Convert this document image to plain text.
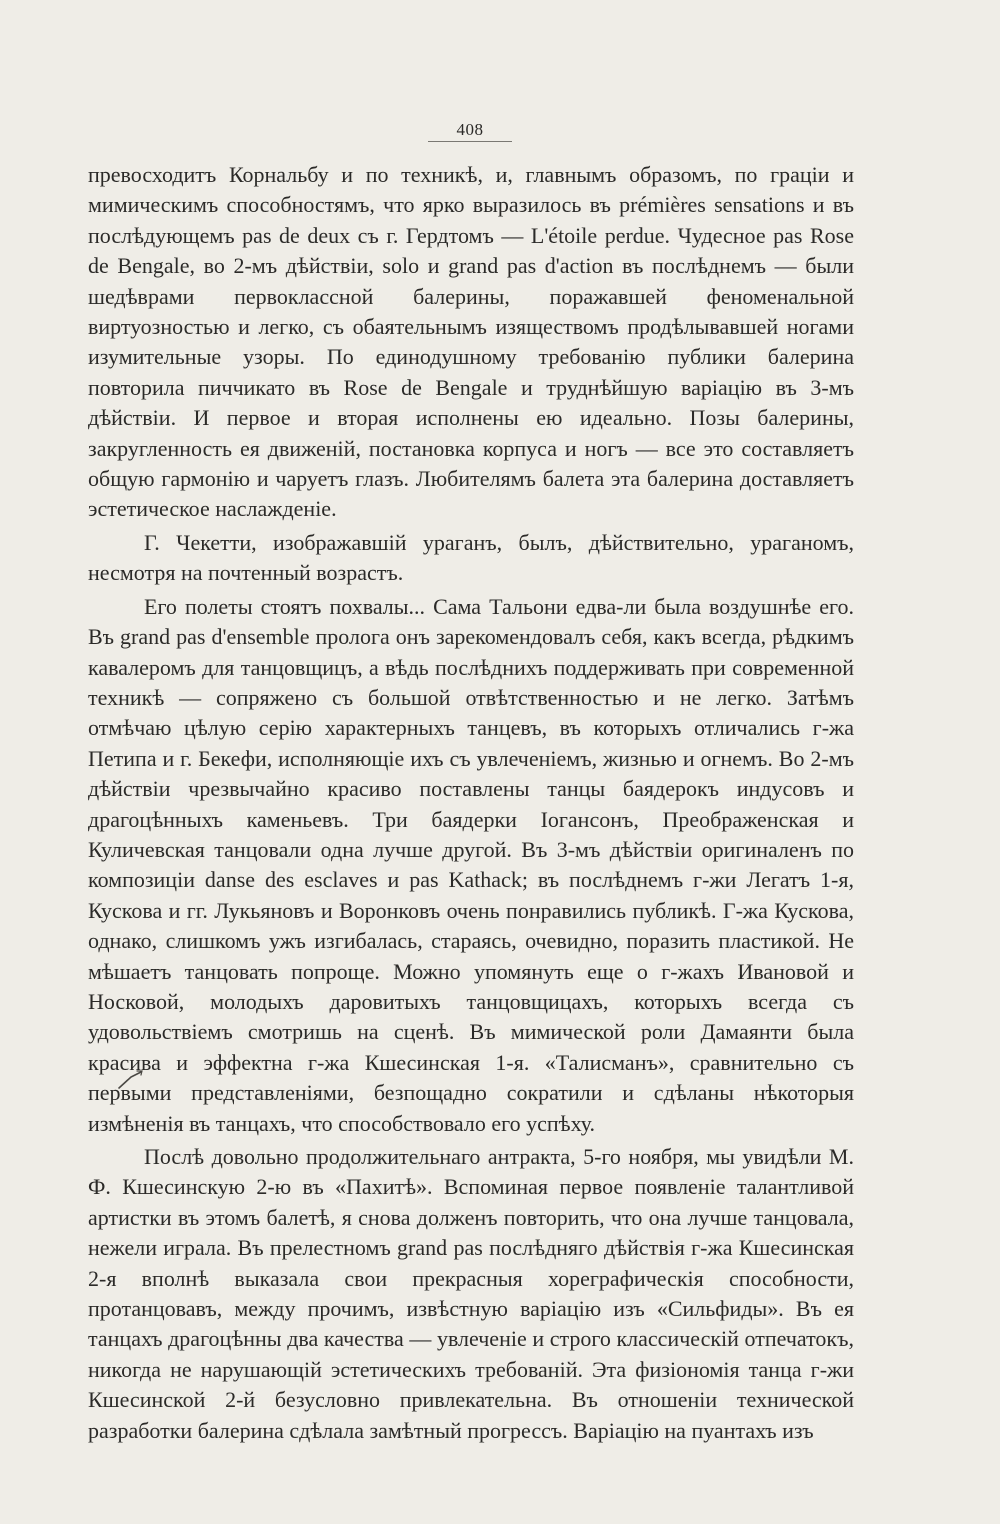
408

превосходитъ Корнальбу и по техникѣ, и, главнымъ образомъ, по граціи и мимическимъ способностямъ, что ярко выразилось въ prémières sensations и въ послѣдующемъ pas de deux съ г. Гердтомъ — L'étoile perdue. Чудесное pas Rose de Bengale, во 2-мъ дѣйствіи, solo и grand pas d'action въ послѣднемъ — были шедѣврами первоклассной балерины, поражавшей феноменальной виртуозностью и легко, съ обаятельнымъ изяществомъ продѣлывавшей ногами изумительные узоры. По единодушному требованію публики балерина повторила пиччикато въ Rose de Bengale и труднѣйшую варіацію въ 3-мъ дѣйствіи. И первое и вторая исполнены ею идеально. Позы балерины, закругленность ея движеній, постановка корпуса и ногъ — все это составляетъ общую гармонію и чаруетъ глазъ. Любителямъ балета эта балерина доставляетъ эстетическое наслажденіе.

Г. Чекетти, изображавшій ураганъ, былъ, дѣйствительно, ураганомъ, несмотря на почтенный возрастъ.

Его полеты стоятъ похвалы... Сама Тальони едва-ли была воздушнѣе его. Въ grand pas d'ensemble пролога онъ зарекомендовалъ себя, какъ всегда, рѣдкимъ кавалеромъ для танцовщицъ, а вѣдь послѣднихъ поддерживать при современной техникѣ — сопряжено съ большой отвѣтственностью и не легко. Затѣмъ отмѣчаю цѣлую серію характерныхъ танцевъ, въ которыхъ отличались г-жа Петипа и г. Бекефи, исполняющіе ихъ съ увлеченіемъ, жизнью и огнемъ. Во 2-мъ дѣйствіи чрезвычайно красиво поставлены танцы баядерокъ индусовъ и драгоцѣнныхъ каменьевъ. Три баядерки Іогансонъ, Преображенская и Куличевская танцовали одна лучше другой. Въ 3-мъ дѣйствіи оригиналенъ по композиціи danse des esclaves и pas Kathack; въ послѣднемъ г-жи Легатъ 1-я, Кускова и гг. Лукьяновъ и Воронковъ очень понравились публикѣ. Г-жа Кускова, однако, слишкомъ ужъ изгибалась, стараясь, очевидно, поразить пластикой. Не мѣшаетъ танцовать попроще. Можно упомянуть еще о г-жахъ Ивановой и Носковой, молодыхъ даровитыхъ танцовщицахъ, которыхъ всегда съ удовольствіемъ смотришь на сценѣ. Въ мимической роли Дамаянти была красива и эффектна г-жа Кшесинская 1-я. «Талисманъ», сравнительно съ первыми представленіями, безпощадно сократили и сдѣланы нѣкоторыя измѣненія въ танцахъ, что способствовало его успѣху.

Послѣ довольно продолжительнаго антракта, 5-го ноября, мы увидѣли М. Ф. Кшесинскую 2-ю въ «Пахитѣ». Вспоминая первое появленіе талантливой артистки въ этомъ балетѣ, я снова долженъ повторить, что она лучше танцовала, нежели играла. Въ прелестномъ grand pas послѣдняго дѣйствія г-жа Кшесинская 2-я вполнѣ выказала свои прекрасныя хореграфическія способности, протанцовавъ, между прочимъ, извѣстную варіацію изъ «Сильфиды». Въ ея танцахъ драгоцѣнны два качества — увлеченіе и строго классическій отпечатокъ, никогда не нарушающій эстетическихъ требованій. Эта физіономія танца г-жи Кшесинской 2-й безусловно привлекательна. Въ отношеніи технической разработки балерина сдѣлала замѣтный прогрессъ. Варіацію на пуантахъ изъ
